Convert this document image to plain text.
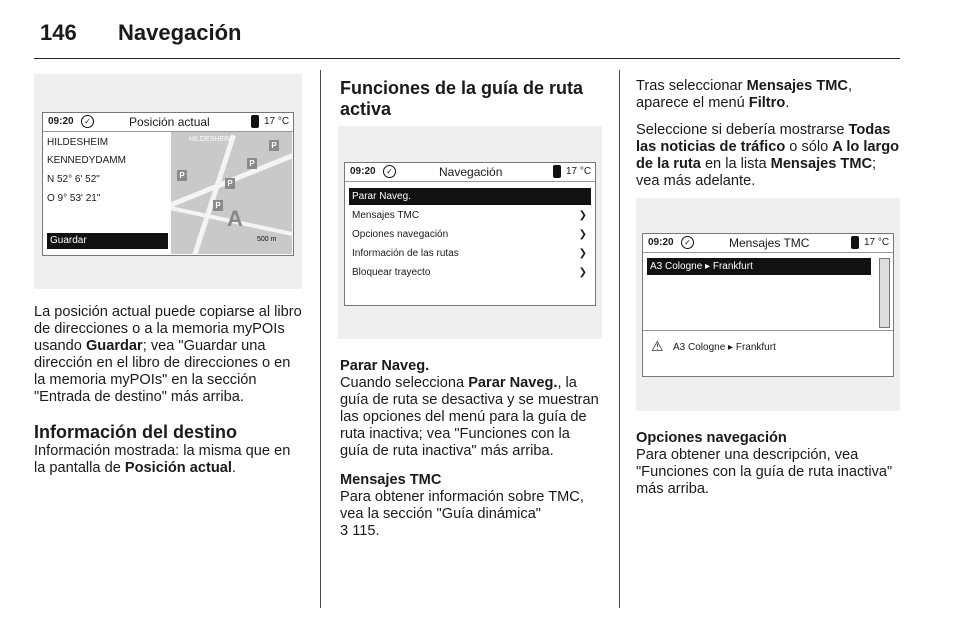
146 Navegación
09:20	✓	Posición actual	17 °C
HILDESHEIM
KENNEDYDAMM
N 52° 6' 52"
O 9° 53' 21"
Guardar
HILDESHEIM
P
P
P
P
P
A
500 m

La posición actual puede copiarse al libro de direcciones o a la memoria myPOIs usando Guardar; vea "Guardar una dirección en el libro de direcciones o en la memoria myPOIs" en la sección "Entrada de destino" más arriba.

Información del destino

Información mostrada: la misma que en la pantalla de Posición actual.

Funciones de la guía de ruta activa
09:20	✓	Navegación	17 °C
Parar Naveg.
Mensajes TMC	❯
Opciones navegación	❯
Información de las rutas	❯
Bloquear trayecto	❯
Parar Naveg.

Cuando selecciona Parar Naveg., la guía de ruta se desactiva y se muestran las opciones del menú para la guía de ruta inactiva; vea "Funciones con la guía de ruta inactiva" más arriba.

Mensajes TMC

Para obtener información sobre TMC, vea la sección "Guía dinámica"
3 115.

Tras seleccionar Mensajes TMC, aparece el menú Filtro.

Seleccione si debería mostrarse Todas las noticias de tráfico o sólo A lo largo de la ruta en la lista Mensajes TMC; vea más adelante.

09:20	✓	Mensajes TMC	17 °C
A3 Cologne ▸ Frankfurt
⚠ A3 Cologne ▸ Frankfurt
Opciones navegación

Para obtener una descripción, vea "Funciones con la guía de ruta inactiva" más arriba.
